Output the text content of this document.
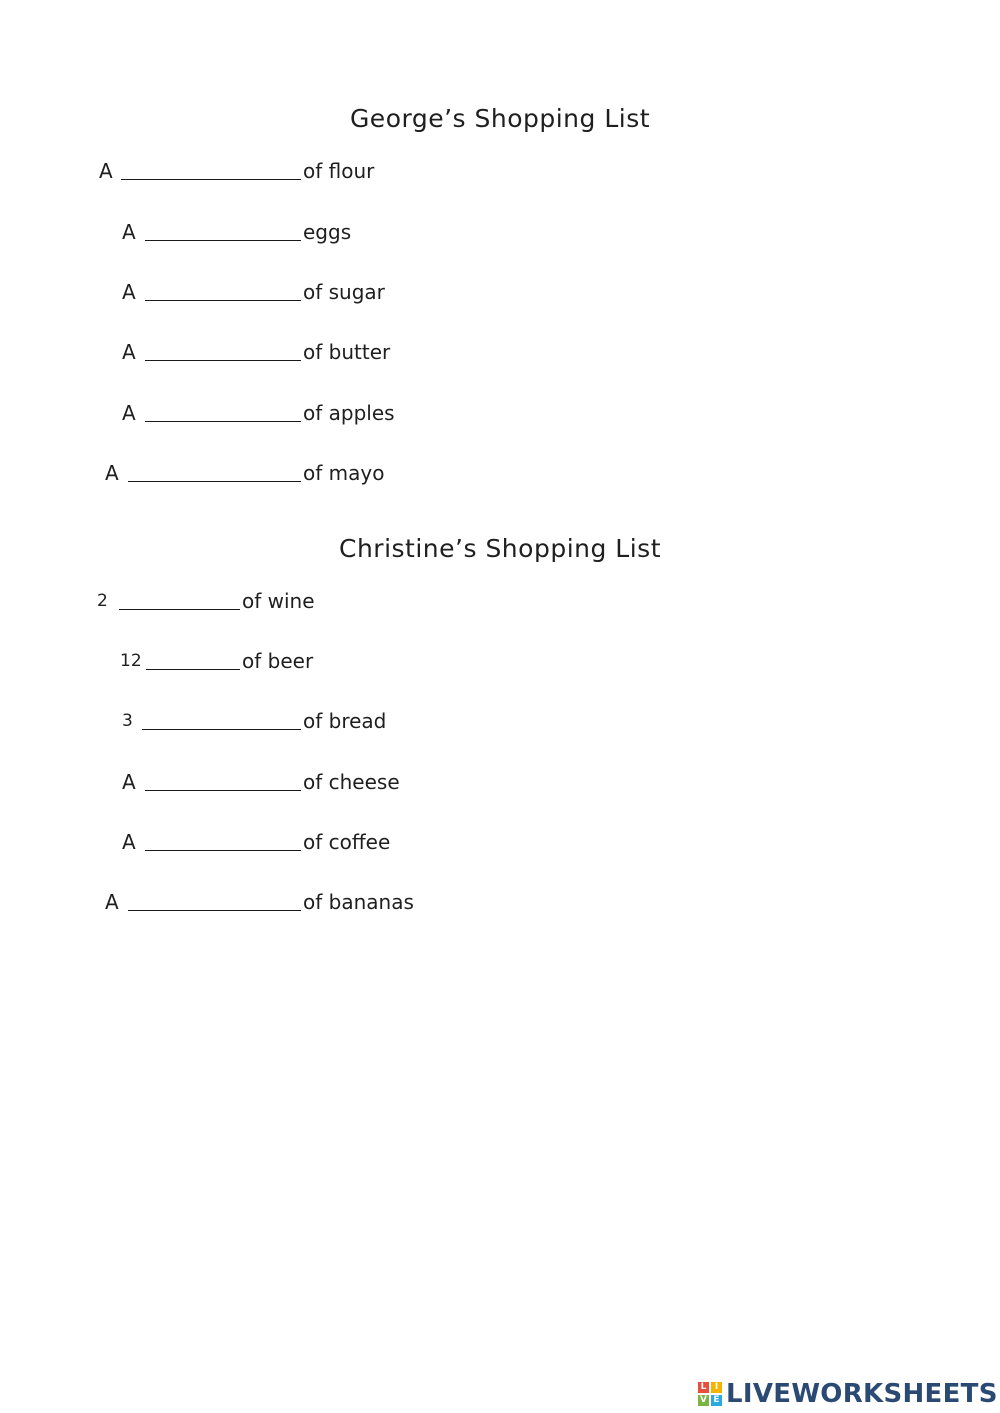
George’s Shopping List
A	of flour
A	eggs
A	of sugar
A	of butter
A	of apples
A	of mayo
Christine’s Shopping List
2	of wine
12	of beer
3	of bread
A	of cheese
A	of coffee
A	of bananas
L I
V E LIVEWORKSHEETS
